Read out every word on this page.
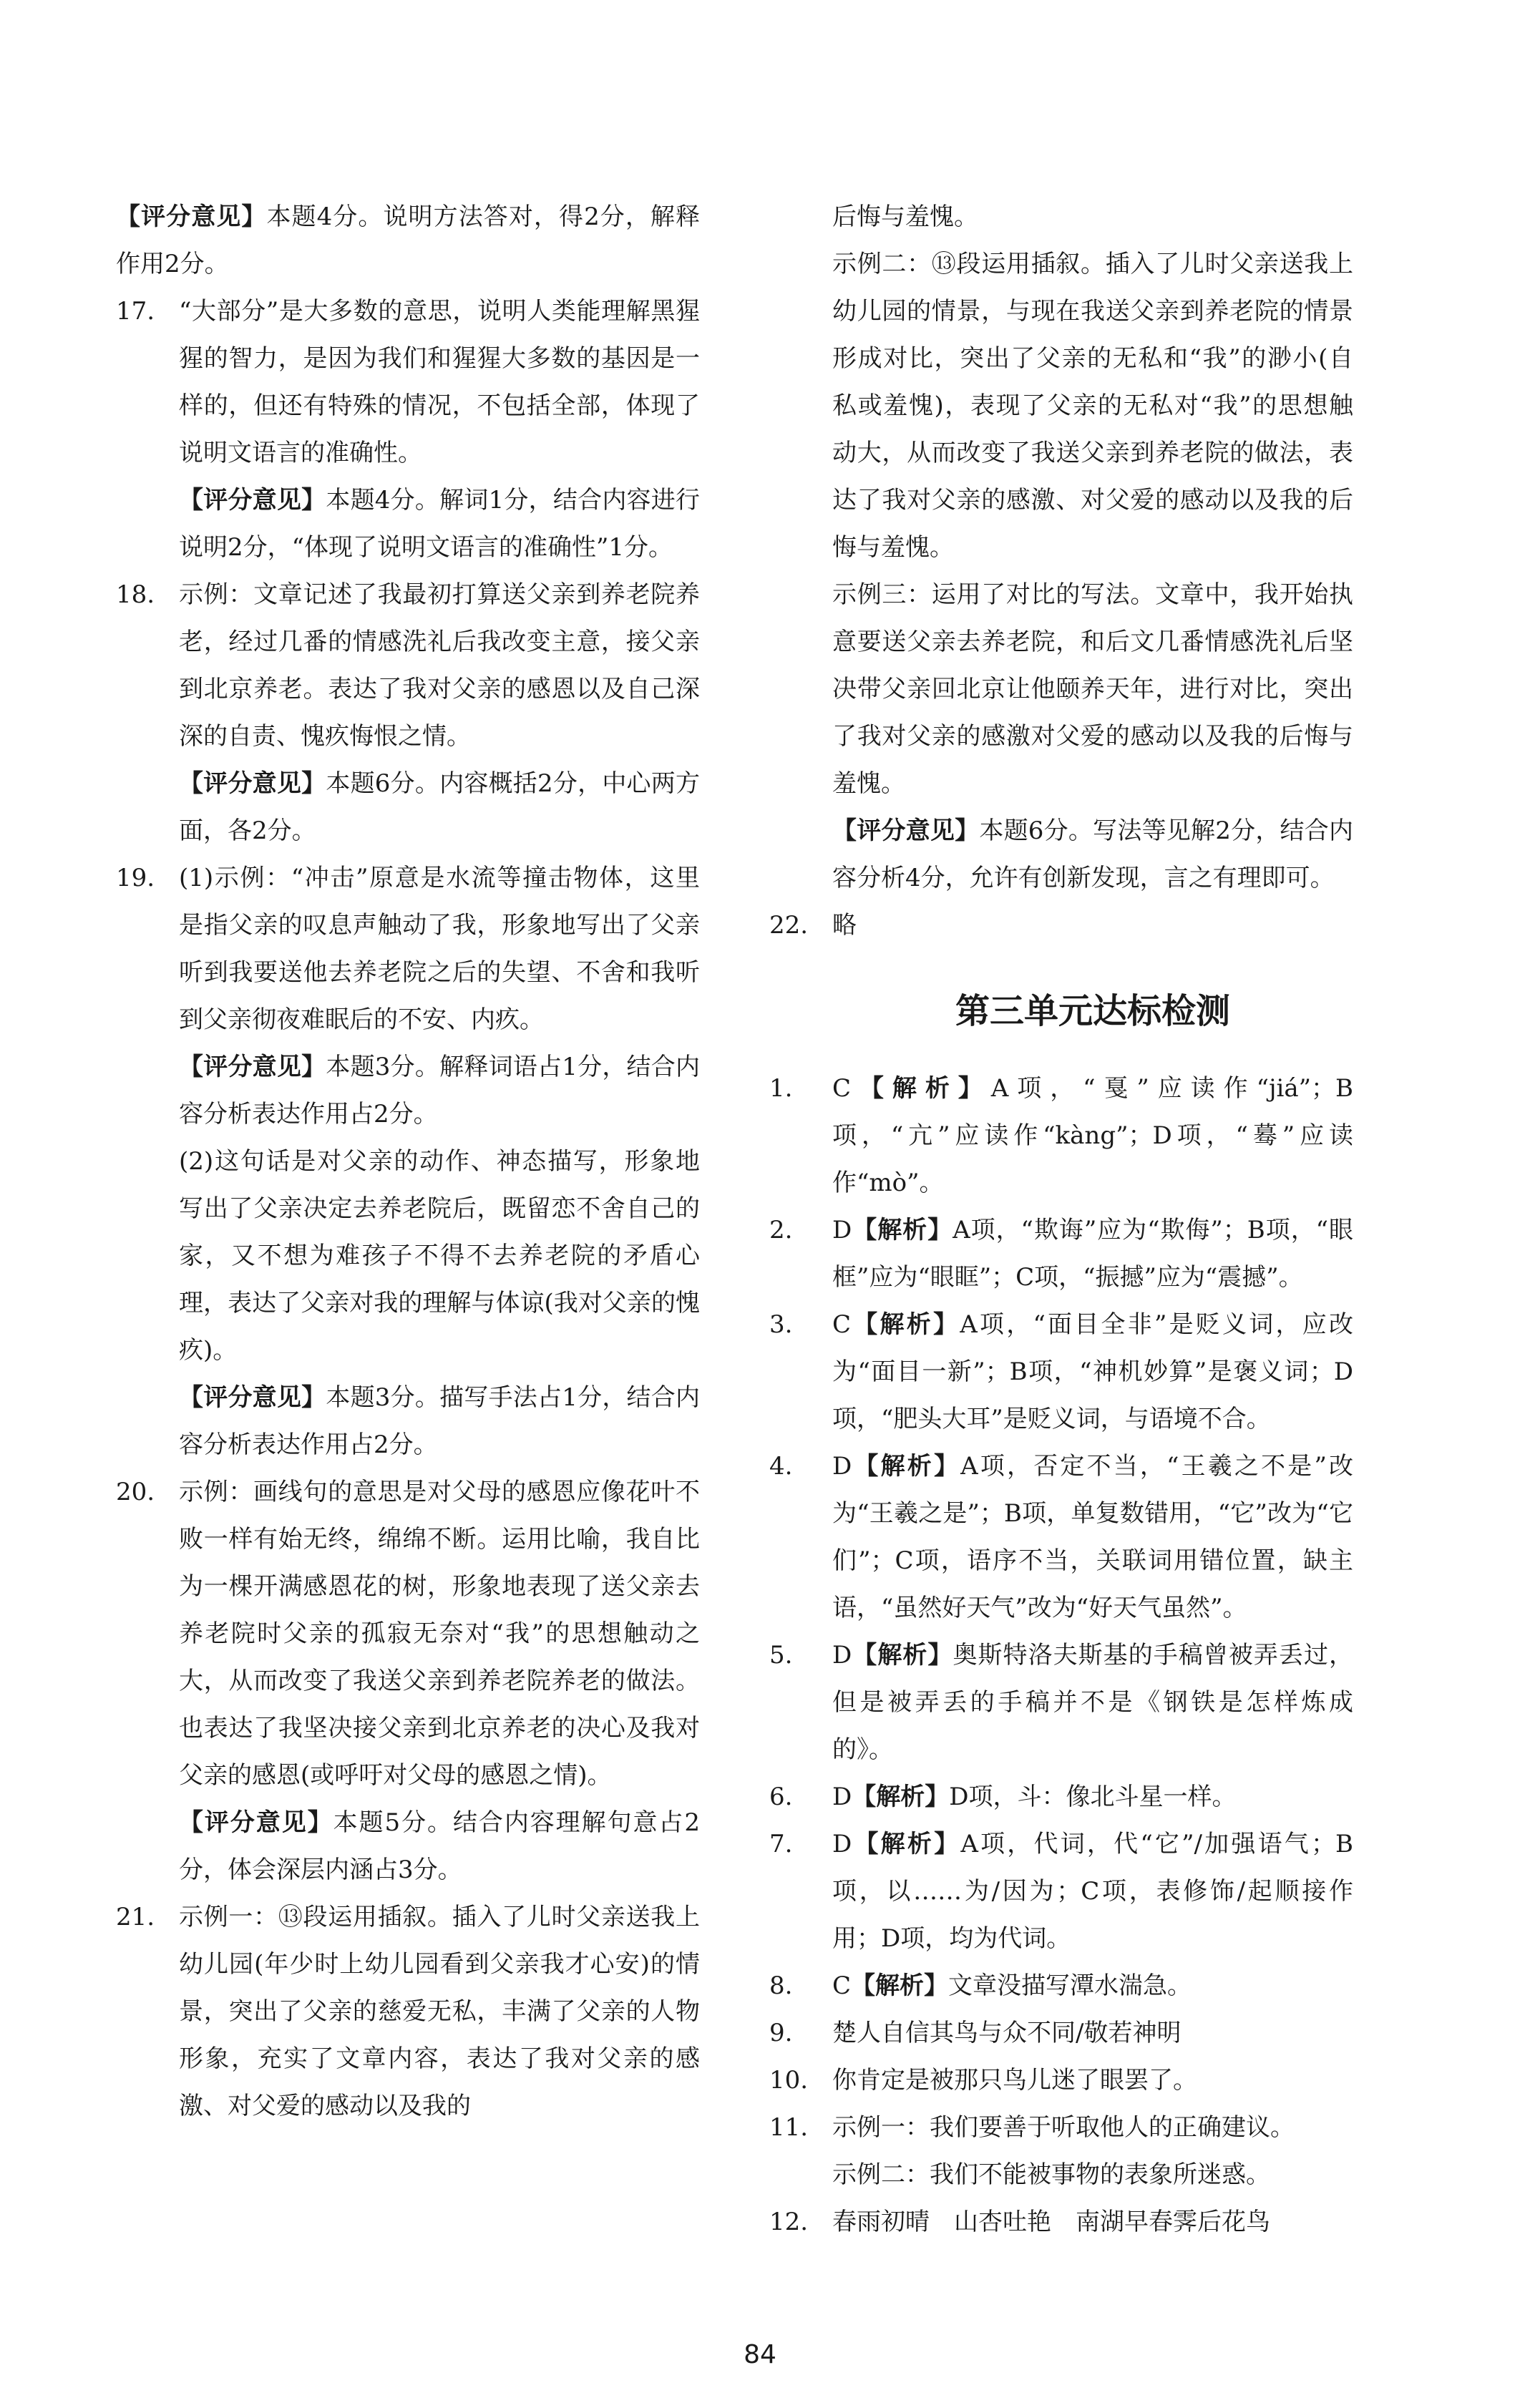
【评分意见】本题4分。说明方法答对，得2分，解释作用2分。

17. “大部分”是大多数的意思，说明人类能理解黑猩猩的智力，是因为我们和猩猩大多数的基因是一样的，但还有特殊的情况，不包括全部，体现了说明文语言的准确性。
【评分意见】本题4分。解词1分，结合内容进行说明2分，“体现了说明文语言的准确性”1分。
18. 示例：文章记述了我最初打算送父亲到养老院养老，经过几番的情感洗礼后我改变主意，接父亲到北京养老。表达了我对父亲的感恩以及自己深深的自责、愧疚悔恨之情。
【评分意见】本题6分。内容概括2分，中心两方面，各2分。
19. (1)示例：“冲击”原意是水流等撞击物体，这里是指父亲的叹息声触动了我，形象地写出了父亲听到我要送他去养老院之后的失望、不舍和我听到父亲彻夜难眠后的不安、内疚。
【评分意见】本题3分。解释词语占1分，结合内容分析表达作用占2分。
(2)这句话是对父亲的动作、神态描写，形象地写出了父亲决定去养老院后，既留恋不舍自己的家，又不想为难孩子不得不去养老院的矛盾心理，表达了父亲对我的理解与体谅(我对父亲的愧疚)。
【评分意见】本题3分。描写手法占1分，结合内容分析表达作用占2分。
20. 示例：画线句的意思是对父母的感恩应像花叶不败一样有始无终，绵绵不断。运用比喻，我自比为一棵开满感恩花的树，形象地表现了送父亲去养老院时父亲的孤寂无奈对“我”的思想触动之大，从而改变了我送父亲到养老院养老的做法。也表达了我坚决接父亲到北京养老的决心及我对父亲的感恩(或呼吁对父母的感恩之情)。
【评分意见】本题5分。结合内容理解句意占2分，体会深层内涵占3分。
21. 示例一：⑬段运用插叙。插入了儿时父亲送我上幼儿园(年少时上幼儿园看到父亲我才心安)的情景，突出了父亲的慈爱无私，丰满了父亲的人物形象，充实了文章内容，表达了我对父亲的感激、对父爱的感动以及我的

后悔与羞愧。

示例二：⑬段运用插叙。插入了儿时父亲送我上幼儿园的情景，与现在我送父亲到养老院的情景形成对比，突出了父亲的无私和“我”的渺小(自私或羞愧)，表现了父亲的无私对“我”的思想触动大，从而改变了我送父亲到养老院的做法，表达了我对父亲的感激、对父爱的感动以及我的后悔与羞愧。

示例三：运用了对比的写法。文章中，我开始执意要送父亲去养老院，和后文几番情感洗礼后坚决带父亲回北京让他颐养天年，进行对比，突出了我对父亲的感激对父爱的感动以及我的后悔与羞愧。

【评分意见】本题6分。写法等见解2分，结合内容分析4分，允许有创新发现，言之有理即可。

22. 略
第三单元达标检测
1. C【解析】A项，“戛”应读作“jiá”；B项，“亢”应读作“kàng”；D项，“蓦”应读作“mò”。
2. D【解析】A项，“欺诲”应为“欺侮”；B项，“眼框”应为“眼眶”；C项，“振撼”应为“震撼”。
3. C【解析】A项，“面目全非”是贬义词，应改为“面目一新”；B项，“神机妙算”是褒义词；D项，“肥头大耳”是贬义词，与语境不合。
4. D【解析】A项，否定不当，“王羲之不是”改为“王羲之是”；B项，单复数错用，“它”改为“它们”；C项，语序不当，关联词用错位置，缺主语，“虽然好天气”改为“好天气虽然”。
5. D【解析】奥斯特洛夫斯基的手稿曾被弄丢过，但是被弄丢的手稿并不是《钢铁是怎样炼成的》。
6. D【解析】D项，斗：像北斗星一样。
7. D【解析】A项，代词，代“它”/加强语气；B项，以……为/因为；C项，表修饰/起顺接作用；D项，均为代词。
8. C【解析】文章没描写潭水湍急。
9. 楚人自信其鸟与众不同/敬若神明
10. 你肯定是被那只鸟儿迷了眼罢了。
11. 示例一：我们要善于听取他人的正确建议。
示例二：我们不能被事物的表象所迷惑。
12. 春雨初晴　山杏吐艳　南湖早春霁后花鸟
84
